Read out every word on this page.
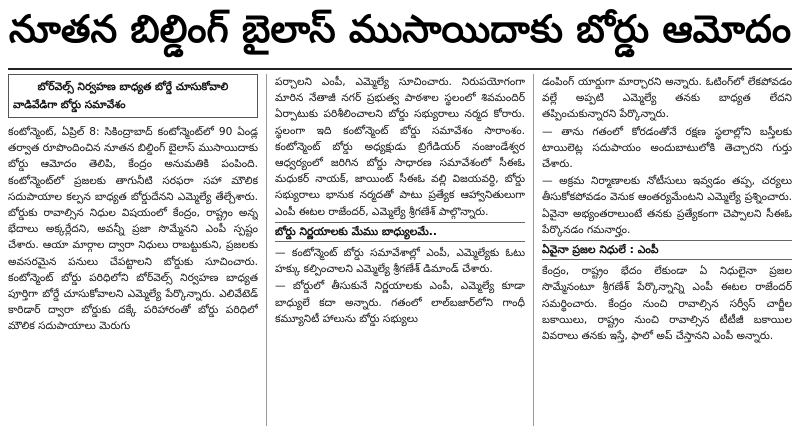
నూతన బిల్డింగ్ బైలాస్ ముసాయిదాకు బోర్డు ఆమోదం
బోర్‌వెల్స్ నిర్వహణ బాధ్యత బోర్డే చూసుకోవాలి
వాడివేడిగా బోర్డు సమావేశం

కంటోన్మెంట్, ఏప్రిల్ 8: సికింద్రాబాద్ కంటోన్మెంట్‌లో 90 ఏండ్ల తర్వాత రూపొందించిన నూతన బిల్డింగ్ బైలాస్ ముసాయిదాకు బోర్డు ఆమోదం తెలిపి, కేంద్రం అనుమతికి పంపింది. కంటోన్మెంట్‌లో ప్రజలకు తాగునీటి సరఫరా సహా మౌలిక సదుపాయాల కల్పన బాధ్యత బోర్డుదేనని ఎమ్మెల్యే తేల్చేశారు. బోర్డుకు రావాల్సిన నిధుల విషయంలో కేంద్రం, రాష్ట్రం అన్న భేదాలు అక్కర్లేదని, అవన్నీ ప్రజా సొమ్మేనని ఎంపీ స్పష్టం చేశారు. ఆయా మార్గాల ద్వారా నిధులు రాబట్టుకుని, ప్రజలకు అవసరమైన పనులు చేపట్టాలని బోర్డుకు సూచించారు. కంటోన్మెంట్ బోర్డు పరిధిలోని బోర్‌వెల్స్ నిర్వహణ బాధ్యత పూర్తిగా బోర్డే చూసుకోవాలని ఎమ్మెల్యే పేర్కొన్నారు. ఎలివేటెడ్ కారిడార్ ద్వారా బోర్డుకు దక్కే పరిహారంతో బోర్డు పరిధిలో మౌలిక సదుపాయాలు మెరుగు

పర్చాలని ఎంపీ, ఎమ్మెల్యే సూచించారు. నిరుపయోగంగా మారిన నేతాజీ నగర్ ప్రభుత్వ పాఠశాల స్థలంలో శివమందిర్ ఏర్పాటుకు పరిశీలించాలని బోర్డు సభ్యురాలు నర్మద కోరారు. స్థలంగా ఇది కంటోన్మెంట్ బోర్డు సమావేశం సారాంశం. కంటోన్మెంట్ బోర్డు అధ్యక్షుడు బ్రిగేడియర్ నంజుండేశ్వర ఆధ్వర్యంలో జరిగిన బోర్డు సాధారణ సమావేశంలో సీఈఓ మధుకర్ నాయక్, జాయింట్ సీఈఓ వల్లి విజయవర్ధి, బోర్డు సభ్యురాలు భానుక నర్మదతో పాటు ప్రత్యేక ఆహ్వానితులుగా ఎంపీ ఈటల రాజేందర్, ఎమ్మెల్యే శ్రీగణేశ్ పాల్గొన్నారు.

బోర్డు నిర్ణయాలకు మేము బాధ్యులమే..

— కంటోన్మెంట్ బోర్డు సమావేశాల్లో ఎంపీ, ఎమ్మెల్యేకు ఓటు హక్కు కల్పించాలని ఎమ్మెల్యే శ్రీగణేశ్ డిమాండ్ చేశారు.

— బోర్డులో తీసుకునే నిర్ణయాలకు ఎంపీ, ఎమ్మెల్యే కూడా బాధ్యులే కదా అన్నారు. గతంలో లాల్‌బజార్‌లోని గాంధీ కమ్యూనిటీ హాలును బోర్డు సభ్యులు

డంపింగ్ యార్డుగా మార్చారని అన్నారు. ఓటింగ్‌లో లేకపోవడం వల్లే అప్పటి ఎమ్మెల్యే తనకు బాధ్యత లేదని తప్పించుకున్నారని పేర్కొన్నారు.

— తాను గతంలో కోరడంతోనే రక్షణ స్థలాల్లోని బస్తీలకు టాయిలెట్ల సదుపాయం అందుబాటులోకి తెచ్చారని గుర్తు చేశారు.

— అక్రమ నిర్మాణాలకు నోటీసులు ఇవ్వడం తప్ప, చర్యలు తీసుకోకపోవడం వెనుక ఆంతర్యమేంటని ఎమ్మెల్యే ప్రశ్నించారు. ఏవైనా అభ్యంతరాలుంటే తనకు ప్రత్యేకంగా చెప్పాలని సీఈఓ పేర్కొనడం గమనార్హం.

ఏవైనా ప్రజల నిధులే : ఎంపీ

కేంద్రం, రాష్ట్రం భేదం లేకుండా ఏ నిధులైనా ప్రజల సొమ్మేనంటూ శ్రీగణేశ్ పేర్కొన్నాన్ని ఎంపీ ఈటల రాజేందర్ సమర్థించారు. కేంద్రం నుంచి రావాల్సిన సర్వీస్ చార్జీల బకాయిలు, రాష్ట్రం నుంచి రావాల్సిన టీటీజీ బకాయిల వివరాలు తనకు ఇస్తే, ఫాలో అప్ చేస్తానని ఎంపీ అన్నారు.
